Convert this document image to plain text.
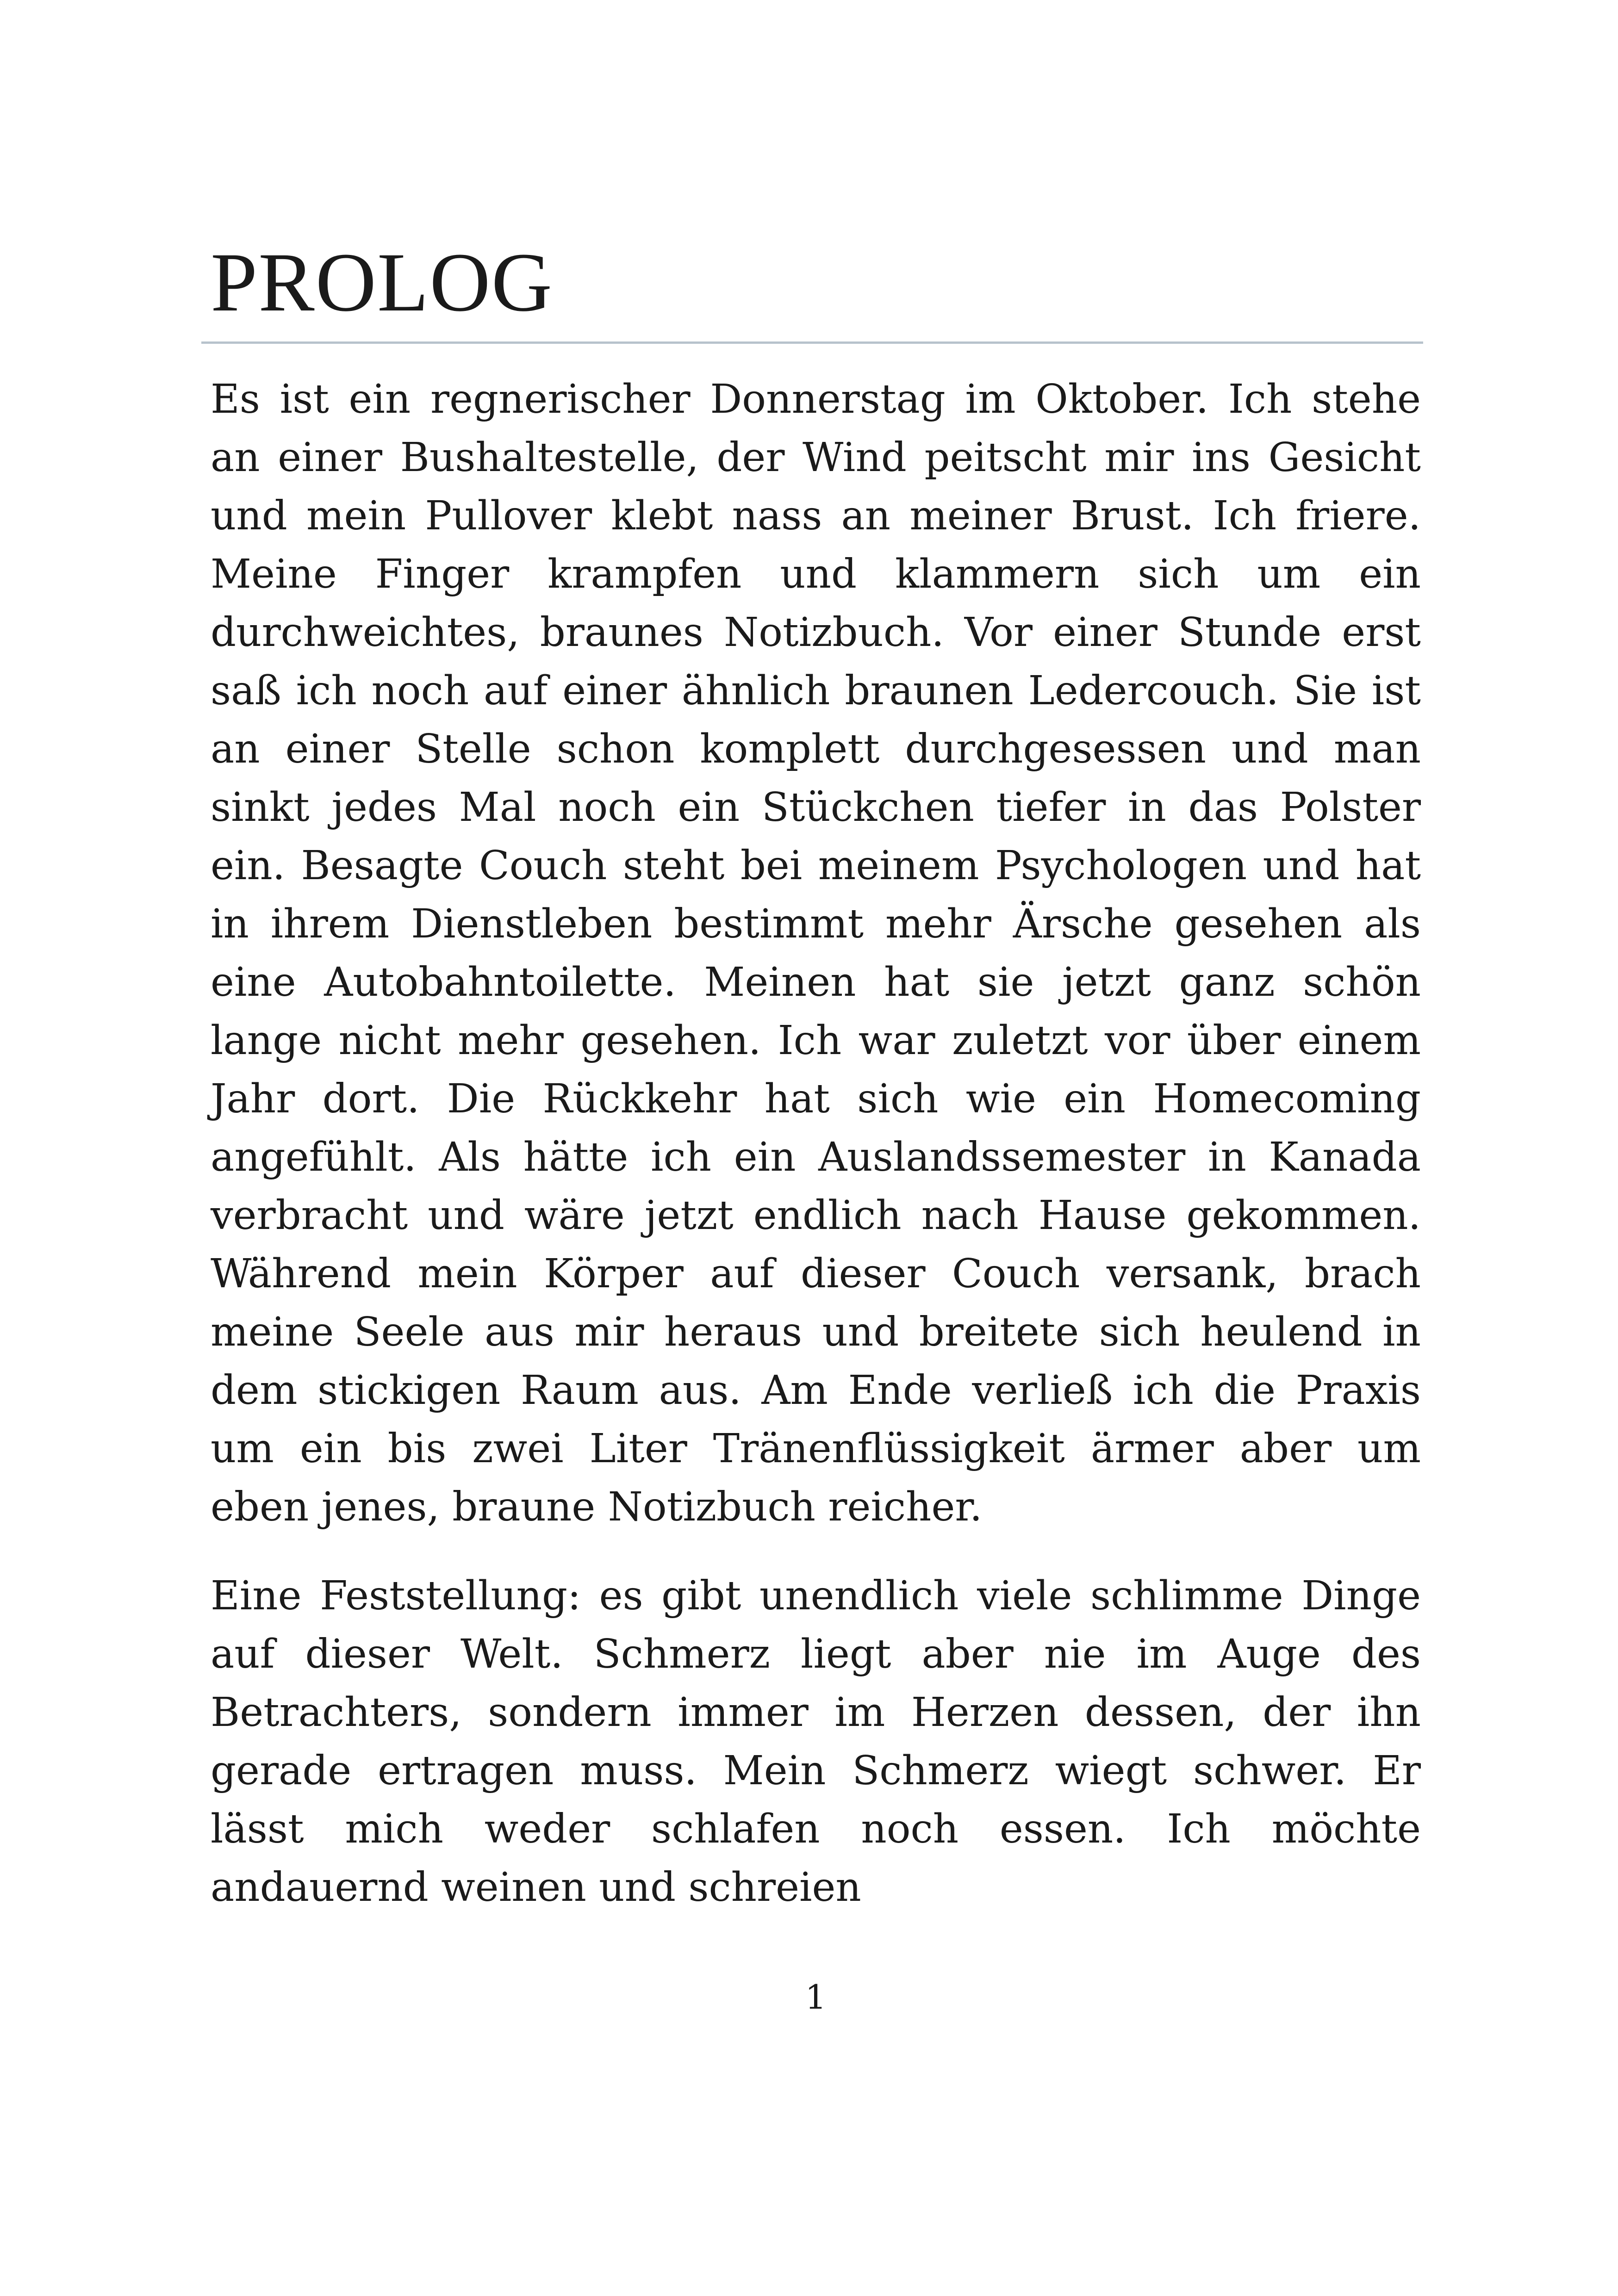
PROLOG

Es ist ein regnerischer Donnerstag im Oktober. Ich stehe an einer Bushaltestelle, der Wind peitscht mir ins Gesicht und mein Pullover klebt nass an meiner Brust. Ich friere. Meine Finger krampfen und klammern sich um ein durchweichtes, braunes Notizbuch. Vor einer Stunde erst saß ich noch auf einer ähnlich braunen Ledercouch. Sie ist an einer Stelle schon komplett durchgesessen und man sinkt jedes Mal noch ein Stückchen tiefer in das Polster ein. Besagte Couch steht bei meinem Psychologen und hat in ihrem Dienstleben bestimmt mehr Ärsche gesehen als eine Autobahntoilette. Meinen hat sie jetzt ganz schön lange nicht mehr gesehen. Ich war zuletzt vor über einem Jahr dort. Die Rückkehr hat sich wie ein Homecoming angefühlt. Als hätte ich ein Auslandssemester in Kanada verbracht und wäre jetzt endlich nach Hause gekommen. Während mein Körper auf dieser Couch versank, brach meine Seele aus mir heraus und breitete sich heulend in dem stickigen Raum aus. Am Ende verließ ich die Praxis um ein bis zwei Liter Tränenflüssigkeit ärmer aber um eben jenes, braune Notizbuch reicher.

Eine Feststellung: es gibt unendlich viele schlimme Dinge auf dieser Welt. Schmerz liegt aber nie im Auge des Betrachters, sondern immer im Herzen dessen, der ihn gerade ertragen muss. Mein Schmerz wiegt schwer. Er lässt mich weder schlafen noch essen. Ich möchte andauernd weinen und schreien

1
